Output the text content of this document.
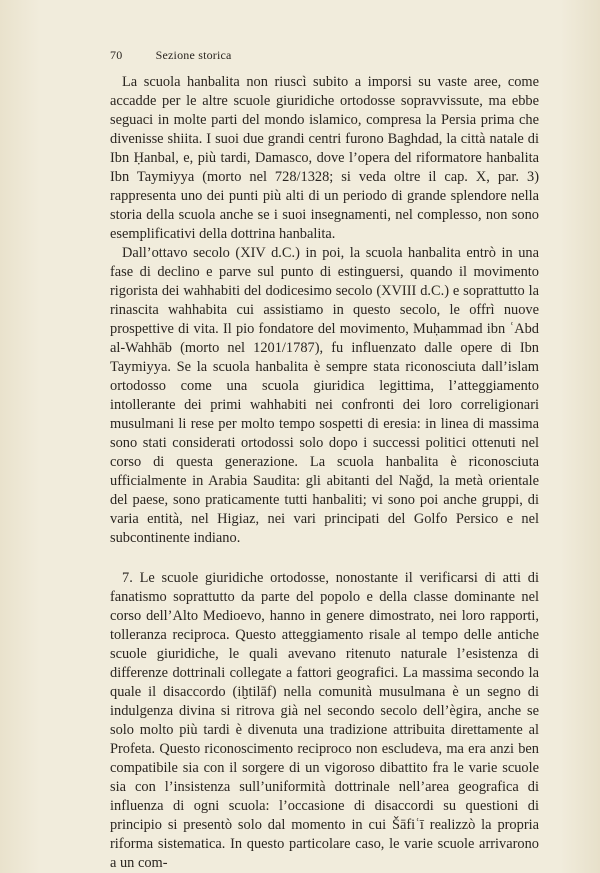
70	Sezione storica

La scuola hanbalita non riuscì subito a imporsi su vaste aree, come accadde per le altre scuole giuridiche ortodosse sopravvissute, ma ebbe seguaci in molte parti del mondo islamico, compresa la Persia prima che divenisse shiita. I suoi due grandi centri furono Baghdad, la città natale di Ibn Ḥanbal, e, più tardi, Damasco, dove l’opera del riformatore hanbalita Ibn Taymiyya (morto nel 728/1328; si veda oltre il cap. X, par. 3) rappresenta uno dei punti più alti di un periodo di grande splendore nella storia della scuola anche se i suoi insegnamenti, nel complesso, non sono esemplificativi della dottrina hanbalita.

Dall’ottavo secolo (XIV d.C.) in poi, la scuola hanbalita entrò in una fase di declino e parve sul punto di estinguersi, quando il movimento rigorista dei wahhabiti del dodicesimo secolo (XVIII d.C.) e soprattutto la rinascita wahhabita cui assistiamo in questo secolo, le offrì nuove prospettive di vita. Il pio fondatore del movimento, Muḥammad ibn ʿAbd al-Wahhāb (morto nel 1201/1787), fu influenzato dalle opere di Ibn Taymiyya. Se la scuola hanbalita è sempre stata riconosciuta dall’islam ortodosso come una scuola giuridica legittima, l’atteggiamento intollerante dei primi wahhabiti nei confronti dei loro correligionari musulmani li rese per molto tempo sospetti di eresia: in linea di massima sono stati considerati ortodossi solo dopo i successi politici ottenuti nel corso di questa generazione. La scuola hanbalita è riconosciuta ufficialmente in Arabia Saudita: gli abitanti del Naǧd, la metà orientale del paese, sono praticamente tutti hanbaliti; vi sono poi anche gruppi, di varia entità, nel Higiaz, nei vari principati del Golfo Persico e nel subcontinente indiano.

7. Le scuole giuridiche ortodosse, nonostante il verificarsi di atti di fanatismo soprattutto da parte del popolo e della classe dominante nel corso dell’Alto Medioevo, hanno in genere dimostrato, nei loro rapporti, tolleranza reciproca. Questo atteggiamento risale al tempo delle antiche scuole giuridiche, le quali avevano ritenuto naturale l’esistenza di differenze dottrinali collegate a fattori geografici. La massima secondo la quale il disaccordo (iḫtilāf) nella comunità musulmana è un segno di indulgenza divina si ritrova già nel secondo secolo dell’ègira, anche se solo molto più tardi è divenuta una tradizione attribuita direttamente al Profeta. Questo riconoscimento reciproco non escludeva, ma era anzi ben compatibile sia con il sorgere di un vigoroso dibattito fra le varie scuole sia con l’insistenza sull’uniformità dottrinale nell’area geografica di influenza di ogni scuola: l’occasione di disaccordi su questioni di principio si presentò solo dal momento in cui Šāfiʿī realizzò la propria riforma sistematica. In questo particolare caso, le varie scuole arrivarono a un com-
